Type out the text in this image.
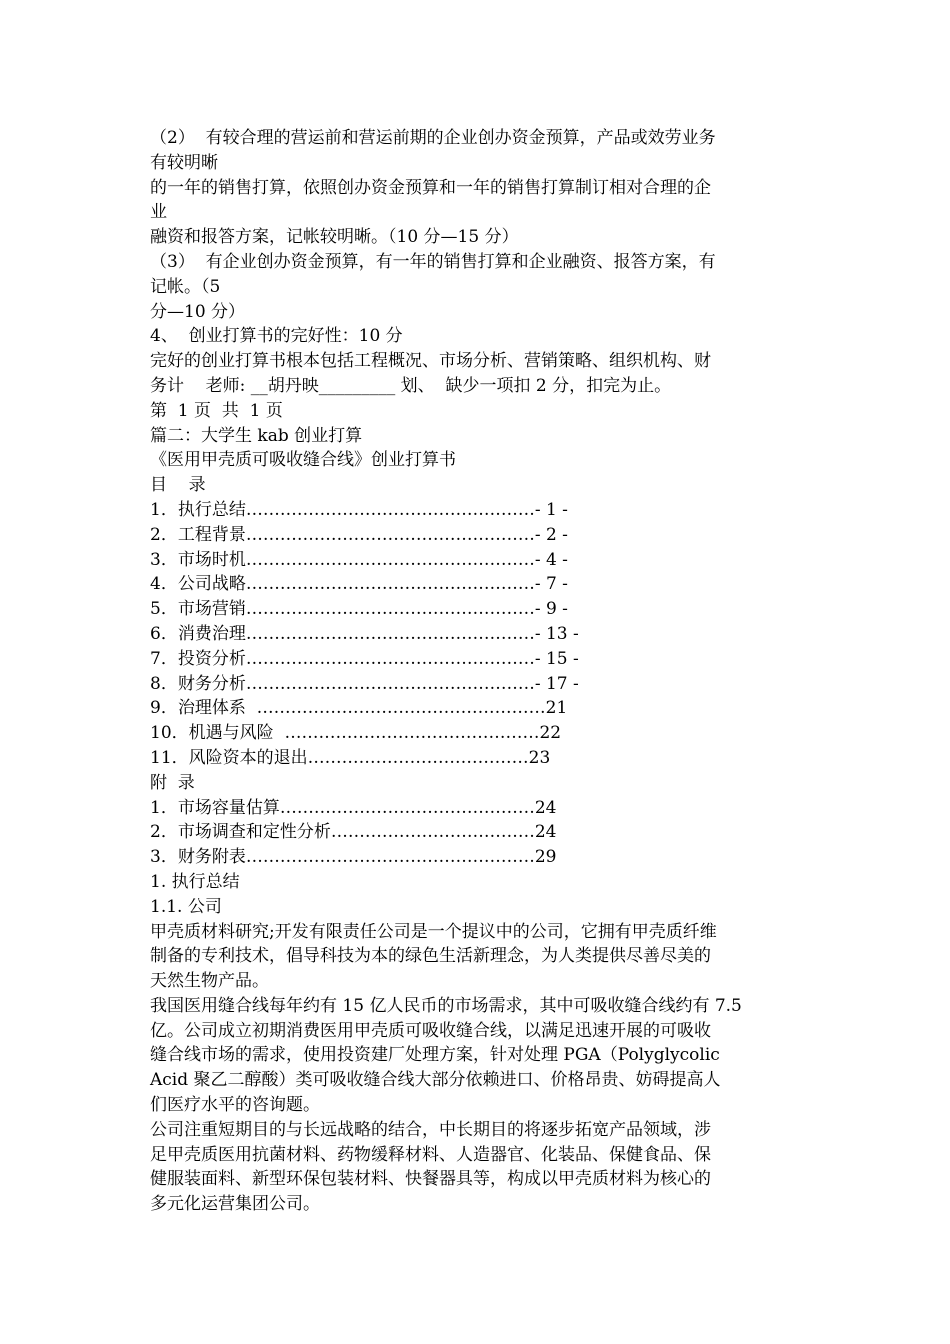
（2）  有较合理的营运前和营运前期的企业创办资金预算，产品或效劳业务
有较明晰
的一年的销售打算，依照创办资金预算和一年的销售打算制订相对合理的企
业
融资和报答方案，记帐较明晰。（10 分—15 分）
（3）  有企业创办资金预算，有一年的销售打算和企业融资、报答方案，有
记帐。（5
分—10 分）
4、  创业打算书的完好性：10 分
完好的创业打算书根本包括工程概况、市场分析、营销策略、组织机构、财
务计    老师: __胡丹映_________ 划、  缺少一项扣 2 分，扣完为止。
第  1 页  共  1 页
篇二：大学生 kab 创业打算
《医用甲壳质可吸收缝合线》创业打算书
目    录
1．执行总结……………………………………………- 1 -
2．工程背景……………………………………………- 2 -
3．市场时机……………………………………………- 4 -
4．公司战略……………………………………………- 7 -
5．市场营销……………………………………………- 9 -
6．消费治理……………………………………………- 13 -
7．投资分析……………………………………………- 15 -
8．财务分析……………………………………………- 17 -
9．治理体系  ……………………………………………21
10．机遇与风险  ………………………………………22
11．风险资本的退出…………………………………23
附  录
1．市场容量估算………………………………………24
2．市场调查和定性分析………………………………24
3．财务附表……………………………………………29
1. 执行总结
1.1. 公司
甲壳质材料研究;开发有限责任公司是一个提议中的公司，它拥有甲壳质纤维
制备的专利技术，倡导科技为本的绿色生活新理念，为人类提供尽善尽美的
天然生物产品。
我国医用缝合线每年约有 15 亿人民币的市场需求，其中可吸收缝合线约有 7.5
亿。公司成立初期消费医用甲壳质可吸收缝合线，以满足迅速开展的可吸收
缝合线市场的需求，使用投资建厂处理方案，针对处理 PGA（Polyglycolic
Acid 聚乙二醇酸）类可吸收缝合线大部分依赖进口、价格昂贵、妨碍提高人
们医疗水平的咨询题。
公司注重短期目的与长远战略的结合，中长期目的将逐步拓宽产品领域，涉
足甲壳质医用抗菌材料、药物缓释材料、人造器官、化装品、保健食品、保
健服装面料、新型环保包装材料、快餐器具等，构成以甲壳质材料为核心的
多元化运营集团公司。
